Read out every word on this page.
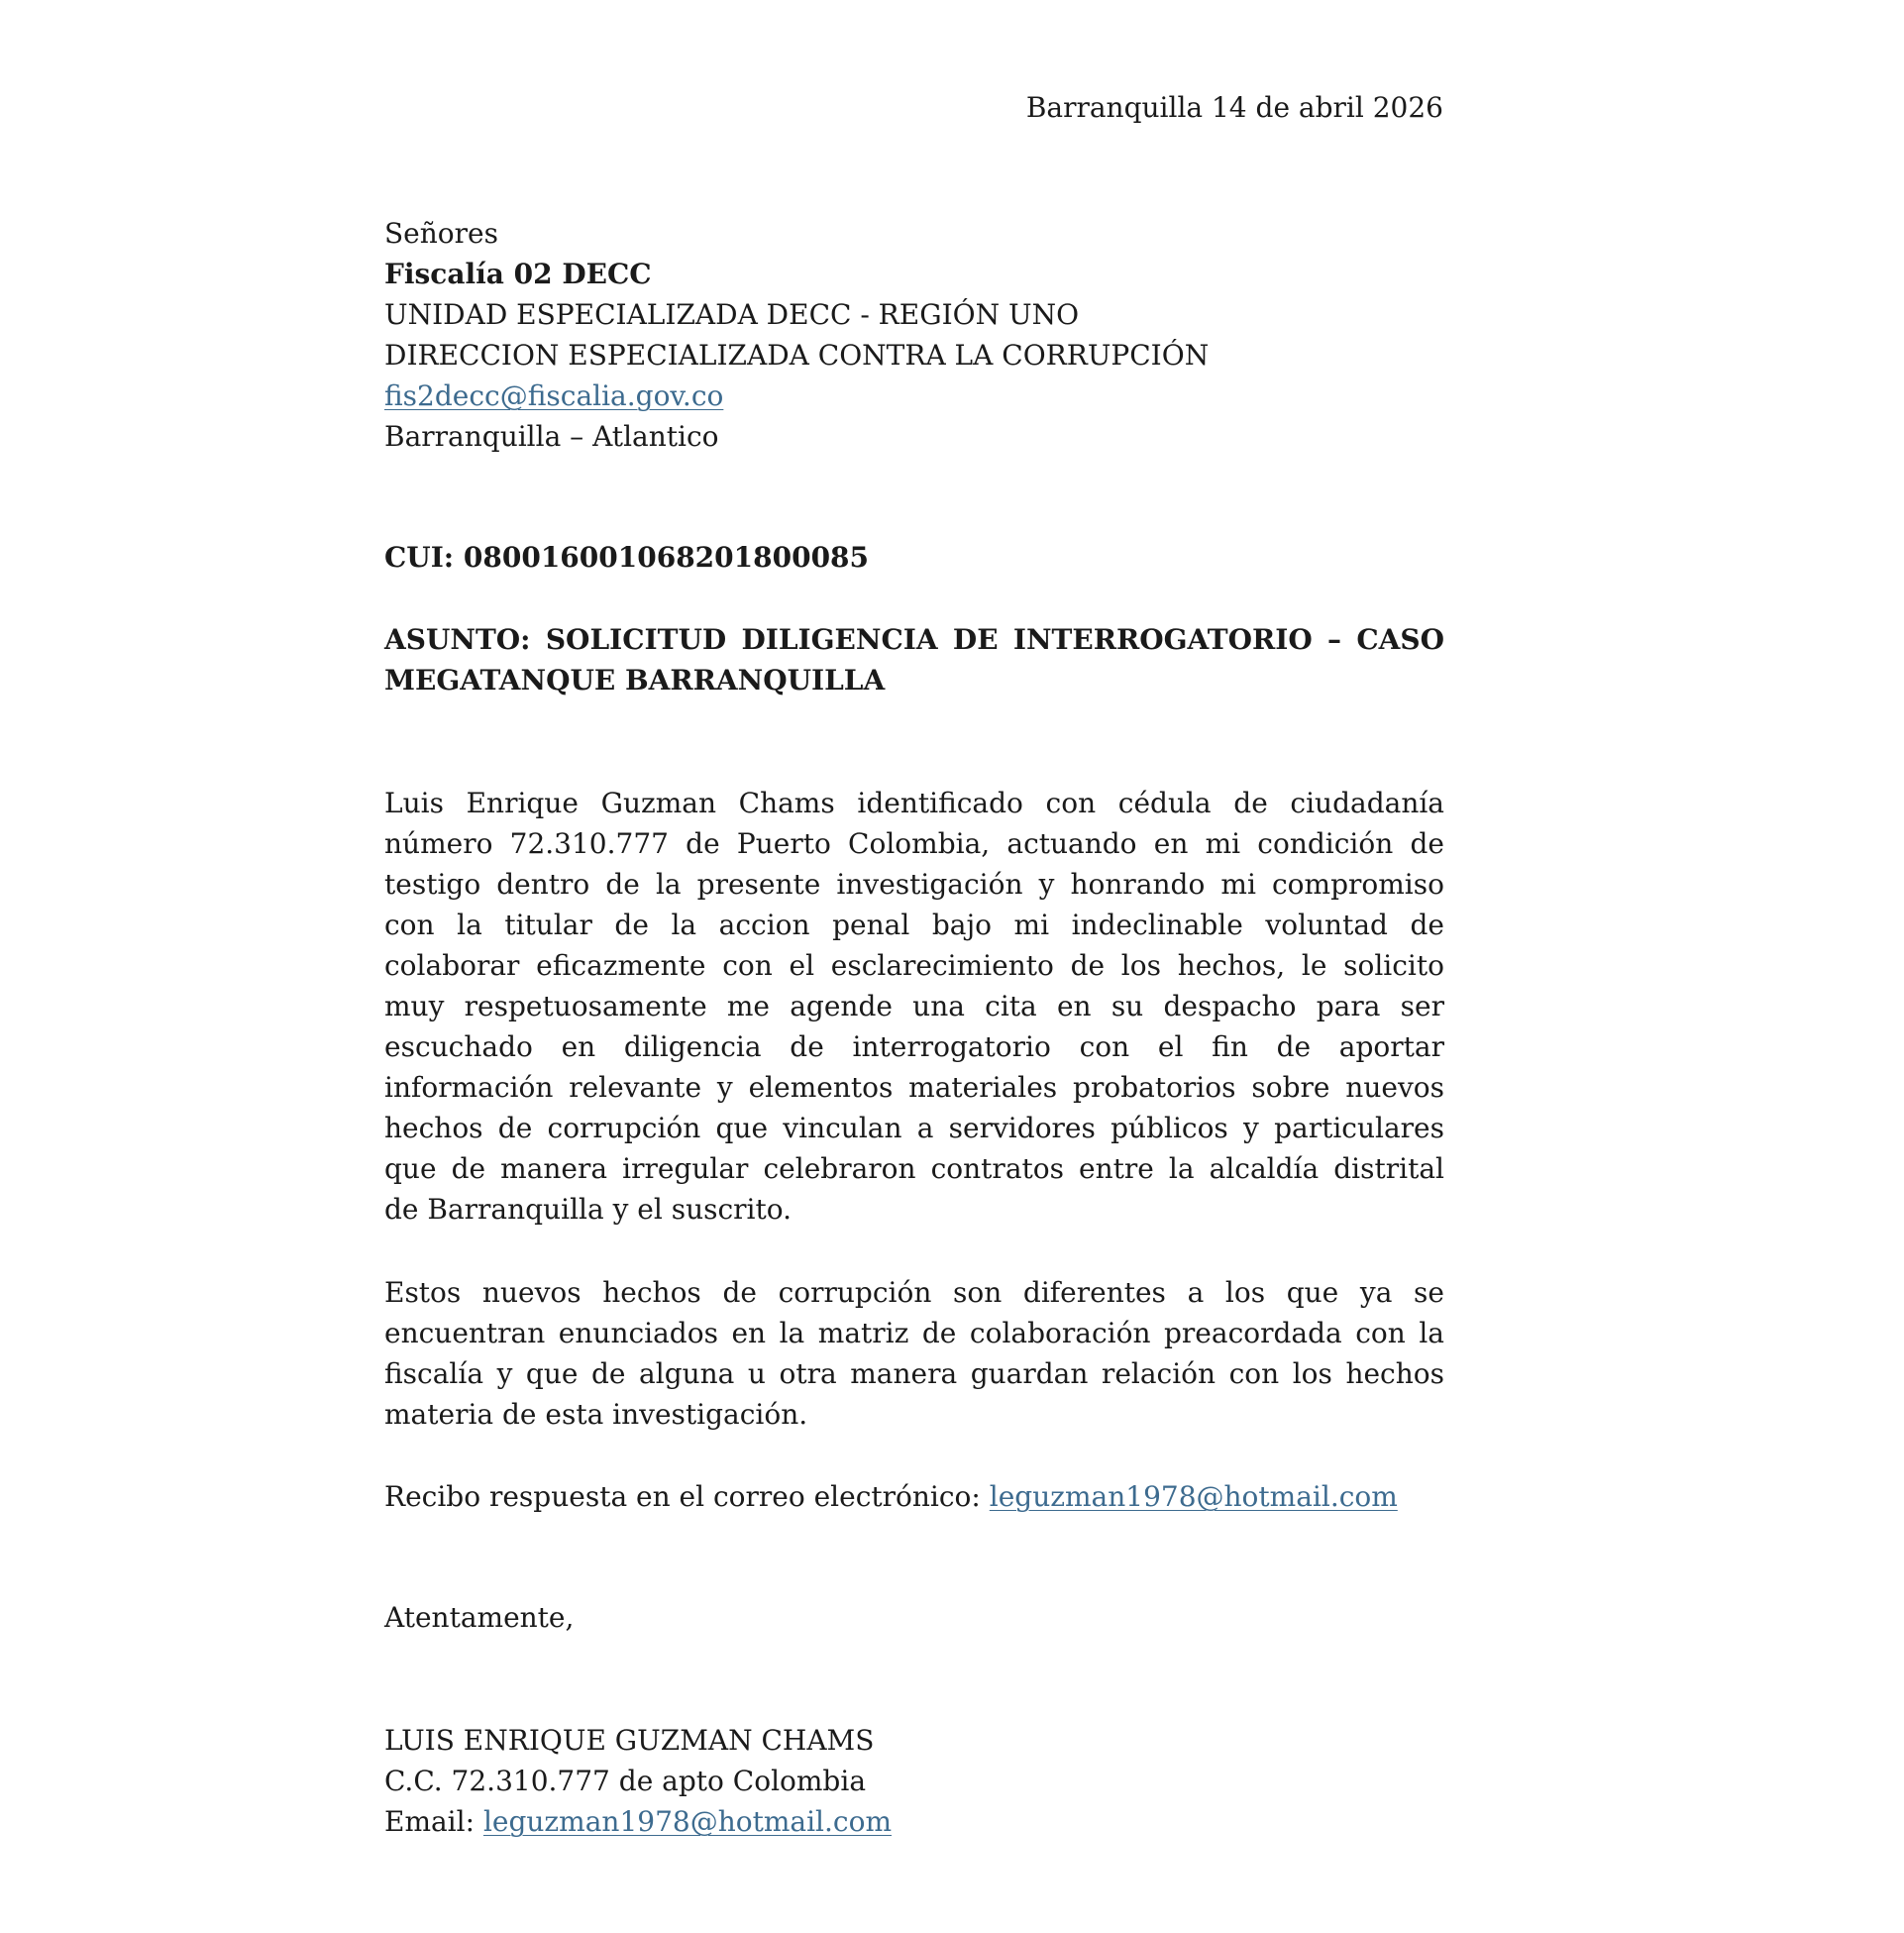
Barranquilla 14 de abril 2026
Señores
Fiscalía 02 DECC
UNIDAD ESPECIALIZADA DECC - REGIÓN UNO
DIRECCION ESPECIALIZADA CONTRA LA CORRUPCIÓN
fis2decc@fiscalia.gov.co
Barranquilla – Atlantico
CUI: 08001600106820180008​5
ASUNTO: SOLICITUD DILIGENCIA DE INTERROGATORIO – CASO
MEGATANQUE BARRANQUILLA
Luis Enrique Guzman Chams identificado con cédula de ciudadanía
número 72.310.777 de Puerto Colombia, actuando en mi condición de
testigo dentro de la presente investigación y honrando mi compromiso
con la titular de la accion penal bajo mi indeclinable voluntad de
colaborar eficazmente con el esclarecimiento de los hechos, le solicito
muy respetuosamente me agende una cita en su despacho para ser
escuchado en diligencia de interrogatorio con el fin de aportar
información relevante y elementos materiales probatorios sobre nuevos
hechos de corrupción que vinculan a servidores públicos y particulares
que de manera irregular celebraron contratos entre la alcaldía distrital
de Barranquilla y el suscrito.
Estos nuevos hechos de corrupción son diferentes a los que ya se
encuentran enunciados en la matriz de colaboración preacordada con la
fiscalía y que de alguna u otra manera guardan relación con los hechos
materia de esta investigación.
Recibo respuesta en el correo electrónico: leguzman1978@hotmail.com
Atentamente,
LUIS ENRIQUE GUZMAN CHAMS
C.C. 72.310.777 de apto Colombia
Email: leguzman1978@hotmail.com
